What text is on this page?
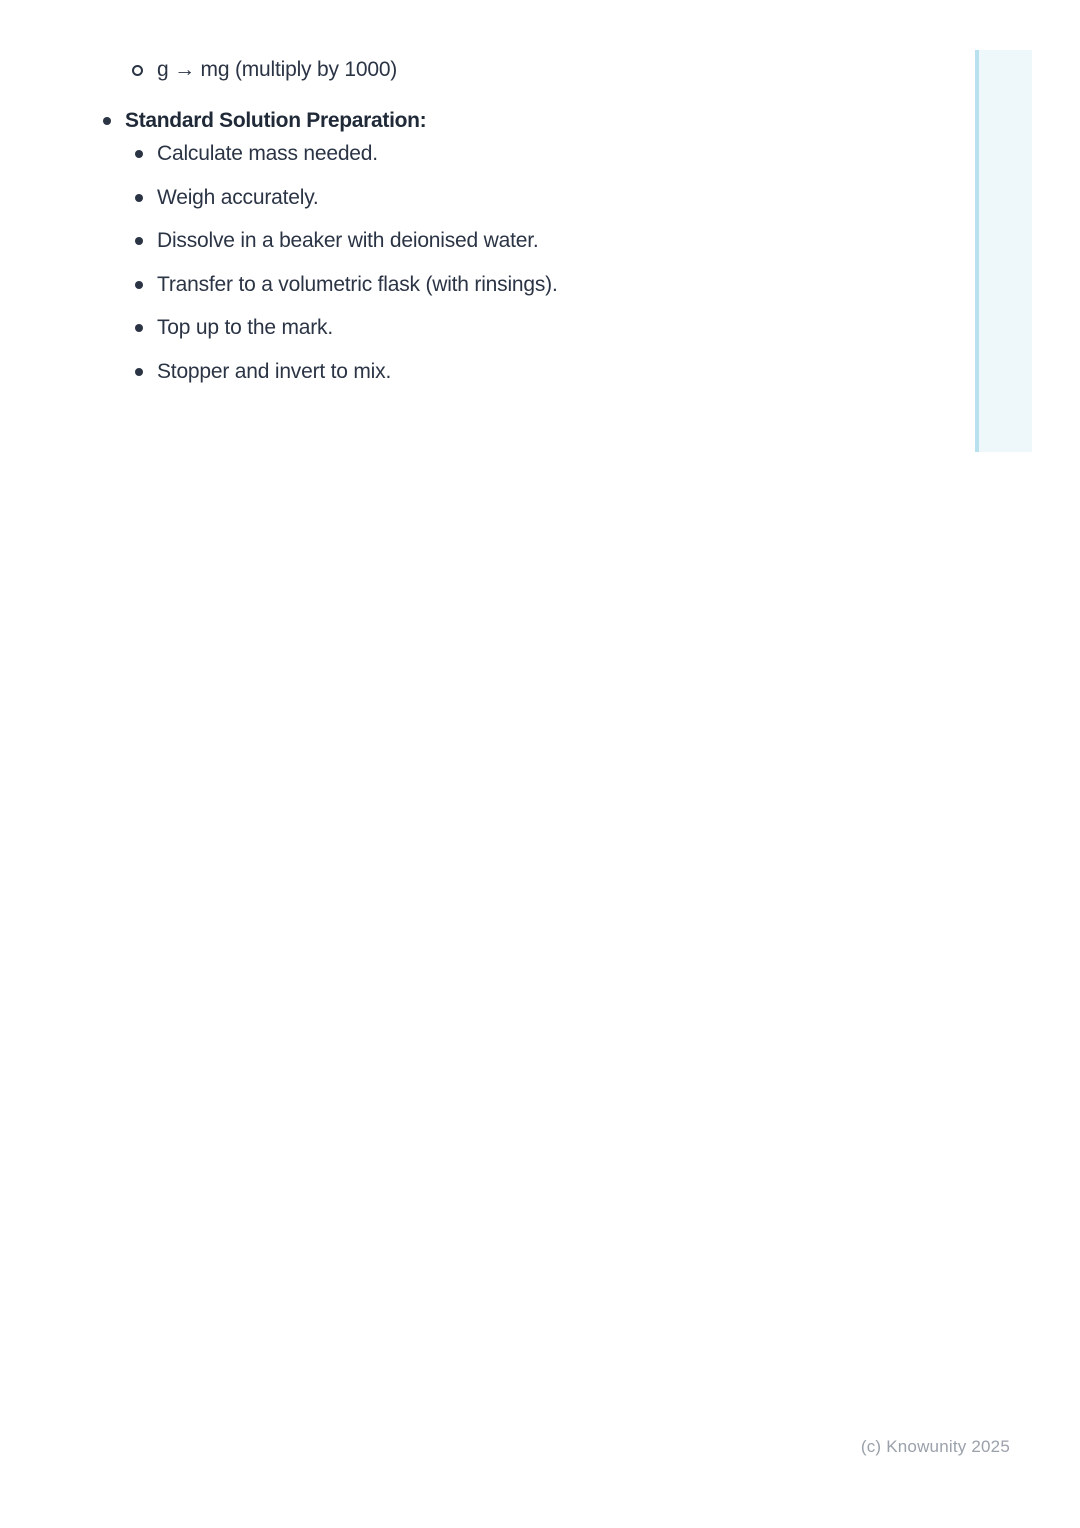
g → mg (multiply by 1000)
Standard Solution Preparation:
Calculate mass needed.
Weigh accurately.
Dissolve in a beaker with deionised water.
Transfer to a volumetric flask (with rinsings).
Top up to the mark.
Stopper and invert to mix.
(c) Knowunity 2025
